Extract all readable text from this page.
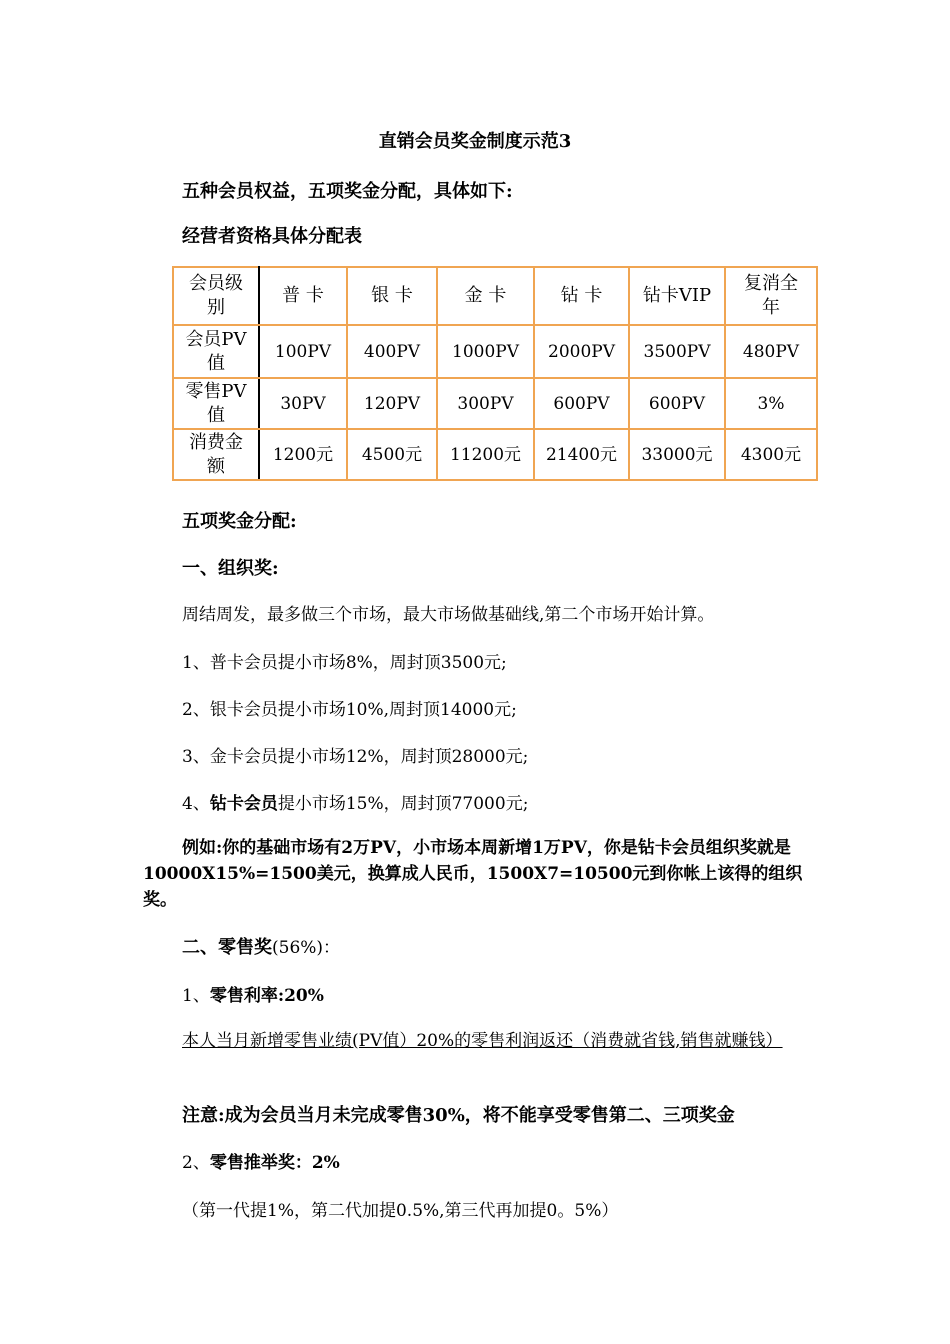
直销会员奖金制度示范3
五种会员权益，五项奖金分配，具体如下:
经营者资格具体分配表
会员级别	普 卡	银 卡	金 卡	钻 卡	钻卡VIP	复消全年
会员PV值	100PV	400PV	1000PV	2000PV	3500PV	480PV
零售PV值	30PV	120PV	300PV	600PV	600PV	3%
消费金额	1200元	4500元	11200元	21400元	33000元	4300元
五项奖金分配:
一、组织奖:
周结周发，最多做三个市场，最大市场做基础线,第二个市场开始计算。
1、普卡会员提小市场8%，周封顶3500元;
2、银卡会员提小市场10%,周封顶14000元;
3、金卡会员提小市场12%，周封顶28000元;
4、钻卡会员提小市场15%，周封顶77000元;
例如:你的基础市场有2万PV，小市场本周新增1万PV，你是钻卡会员组织奖就是10000X15%=1500美元，换算成人民币，1500X7=10500元到你帐上该得的组织奖。
二、零售奖(56%)：
1、零售利率:20%
本人当月新增零售业绩(PV值）20%的零售利润返还（消费就省钱,销售就赚钱）
注意:成为会员当月未完成零售30%，将不能享受零售第二、三项奖金
2、零售推举奖：2%
（第一代提1%，第二代加提0.5%,第三代再加提0。5%）
